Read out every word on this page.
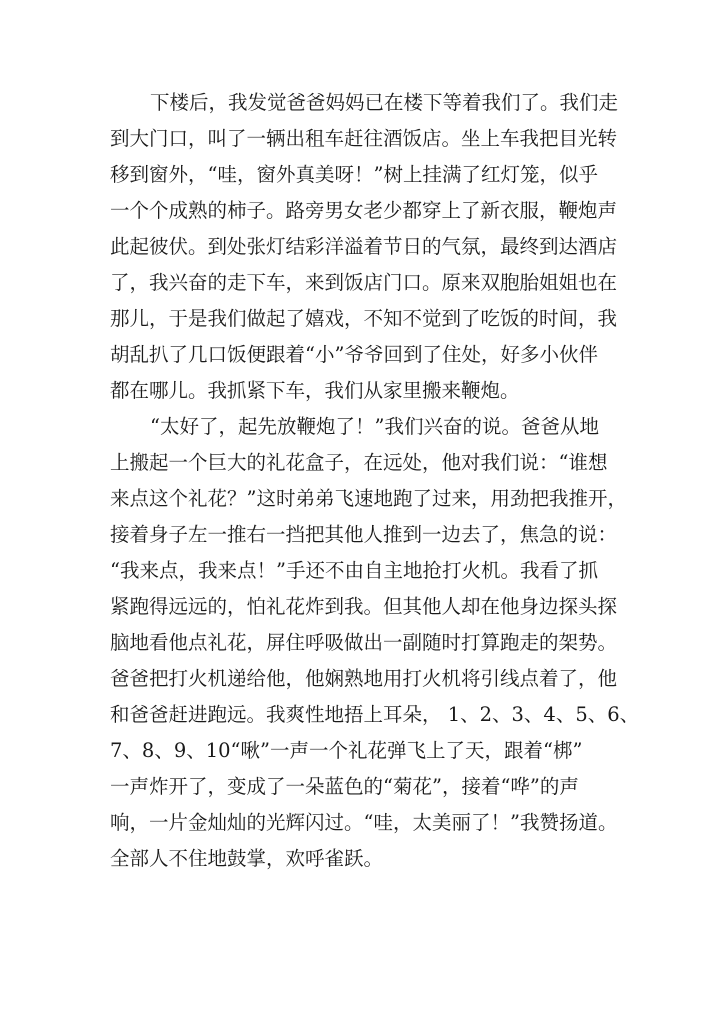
下楼后，我发觉爸爸妈妈已在楼下等着我们了。我们走
到大门口，叫了一辆出租车赶往酒饭店。坐上车我把目光转
移到窗外，“哇，窗外真美呀！”树上挂满了红灯笼，似乎
一个个成熟的柿子。路旁男女老少都穿上了新衣服，鞭炮声
此起彼伏。到处张灯结彩洋溢着节日的气氛，最终到达酒店
了，我兴奋的走下车，来到饭店门口。原来双胞胎姐姐也在
那儿，于是我们做起了嬉戏，不知不觉到了吃饭的时间，我
胡乱扒了几口饭便跟着“小”爷爷回到了住处，好多小伙伴
都在哪儿。我抓紧下车，我们从家里搬来鞭炮。
“太好了，起先放鞭炮了！”我们兴奋的说。爸爸从地
上搬起一个巨大的礼花盒子，在远处，他对我们说：“谁想
来点这个礼花？”这时弟弟飞速地跑了过来，用劲把我推开，
接着身子左一推右一挡把其他人推到一边去了，焦急的说：
“我来点，我来点！”手还不由自主地抢打火机。我看了抓
紧跑得远远的，怕礼花炸到我。但其他人却在他身边探头探
脑地看他点礼花，屏住呼吸做出一副随时打算跑走的架势。
爸爸把打火机递给他，他娴熟地用打火机将引线点着了，他
和爸爸赶进跑远。我爽性地捂上耳朵， 1、2、3、4、5、6、
7、8、9、10“啾”一声一个礼花弹飞上了天，跟着“梆”
一声炸开了，变成了一朵蓝色的“菊花”，接着“哗”的声
响，一片金灿灿的光辉闪过。“哇，太美丽了！”我赞扬道。
全部人不住地鼓掌，欢呼雀跃。
